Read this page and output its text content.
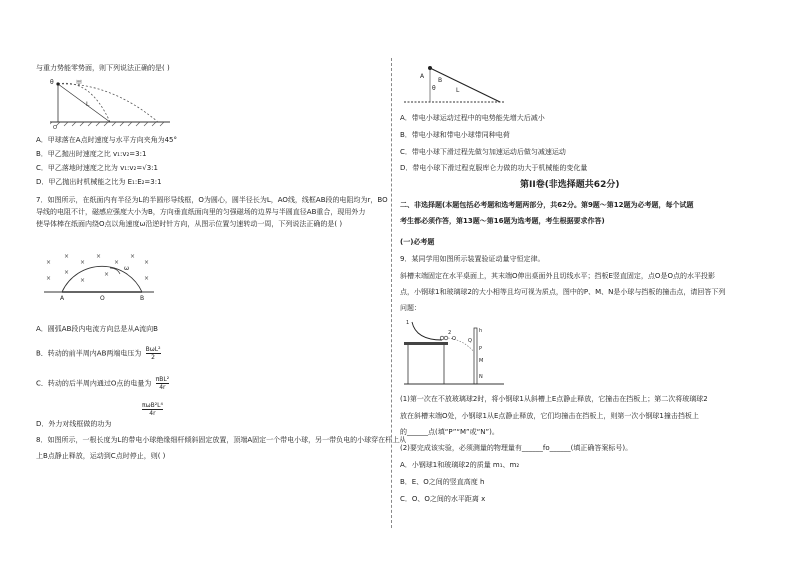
与重力势能零势面，则下列说法正确的是( )
θ	甲
L
O
A．甲球落在A点时速度与水平方向夹角为45°
B．甲乙抛出时速度之比 v₁:v₂=3:1
C．甲乙落地时速度之比为 v₁:v₂=√3:1
D．甲乙抛出时机械能之比为 E₁:E₂=3:1
7．如图所示，在纸面内有半径为L的半圆形导线框，O为圆心，圆半径长为L，AO线，线框AB段的电阻均为r，BO
导线的电阻不计，磁感应强度大小为B，方向垂直纸面向里的匀强磁场的边界与半圆直径AB重合，现用外力
使导体棒在纸面内绕O点以角速度ω沿逆时针方向，从图示位置匀速转动一周，下列说法正确的是( )
×
×
×
×
×
×
×
×
×
×
×
×
ω
A	O	B
A．圆弧AB段内电流方向总是从A流向B
B．转动的前半周内AB两端电压为 BωL²
2
C．转动的后半周内通过O点的电量为 πBL²
4r
πωB²L⁴
4r
D．外力对线框做的功为
8．如图所示，一根长度为L的带电小球绝缘细杆倾斜固定放置，顶端A固定一个带电小球，另一带负电的小球穿在杆上从
上B点静止释放，运动到C点时停止，则( )
A
B
θ	L
A．带电小球运动过程中的电势能先增大后减小
B．带电小球和带电小球带同种电荷
C．带电小球下滑过程先做匀加速运动后做匀减速运动
D．带电小球下滑过程克服库仑力做的功大于机械能的变化量
第II卷(非选择题共62分)
二、非选择题(本题包括必考题和选考题两部分，共62分。第9题～第12题为必考题，每个试题
考生都必须作答，第13题～第16题为选考题，考生根据要求作答)
(一)必考题
9．某同学用如图所示装置验证动量守恒定律。
斜槽末端固定在水平桌面上，其末端O伸出桌面外且切线水平；挡板E竖直固定，点O是O点的水平投影
点，小钢球1和玻璃球2的大小相等且均可视为质点，图中的P、M、N是小球与挡板的撞击点，请回答下列
问题：
1
2
O Q
h
P
M
N
(1)第一次在不放玻璃球2时，将小钢球1从斜槽上E点静止释放，它撞击在挡板上；第二次将玻璃球2
放在斜槽末端O处，小钢球1从E点静止释放，它们均撞击在挡板上，则第一次小钢球1撞击挡板上
的______点(填“P”“M”或“N”)。
(2)要完成该实验，必须测量的物理量有______fo______(填正确答案标号)。
A．小钢球1和玻璃球2的质量 m₁、m₂
B．E、O之间的竖直高度 h
C．O、O之间的水平距离 x
